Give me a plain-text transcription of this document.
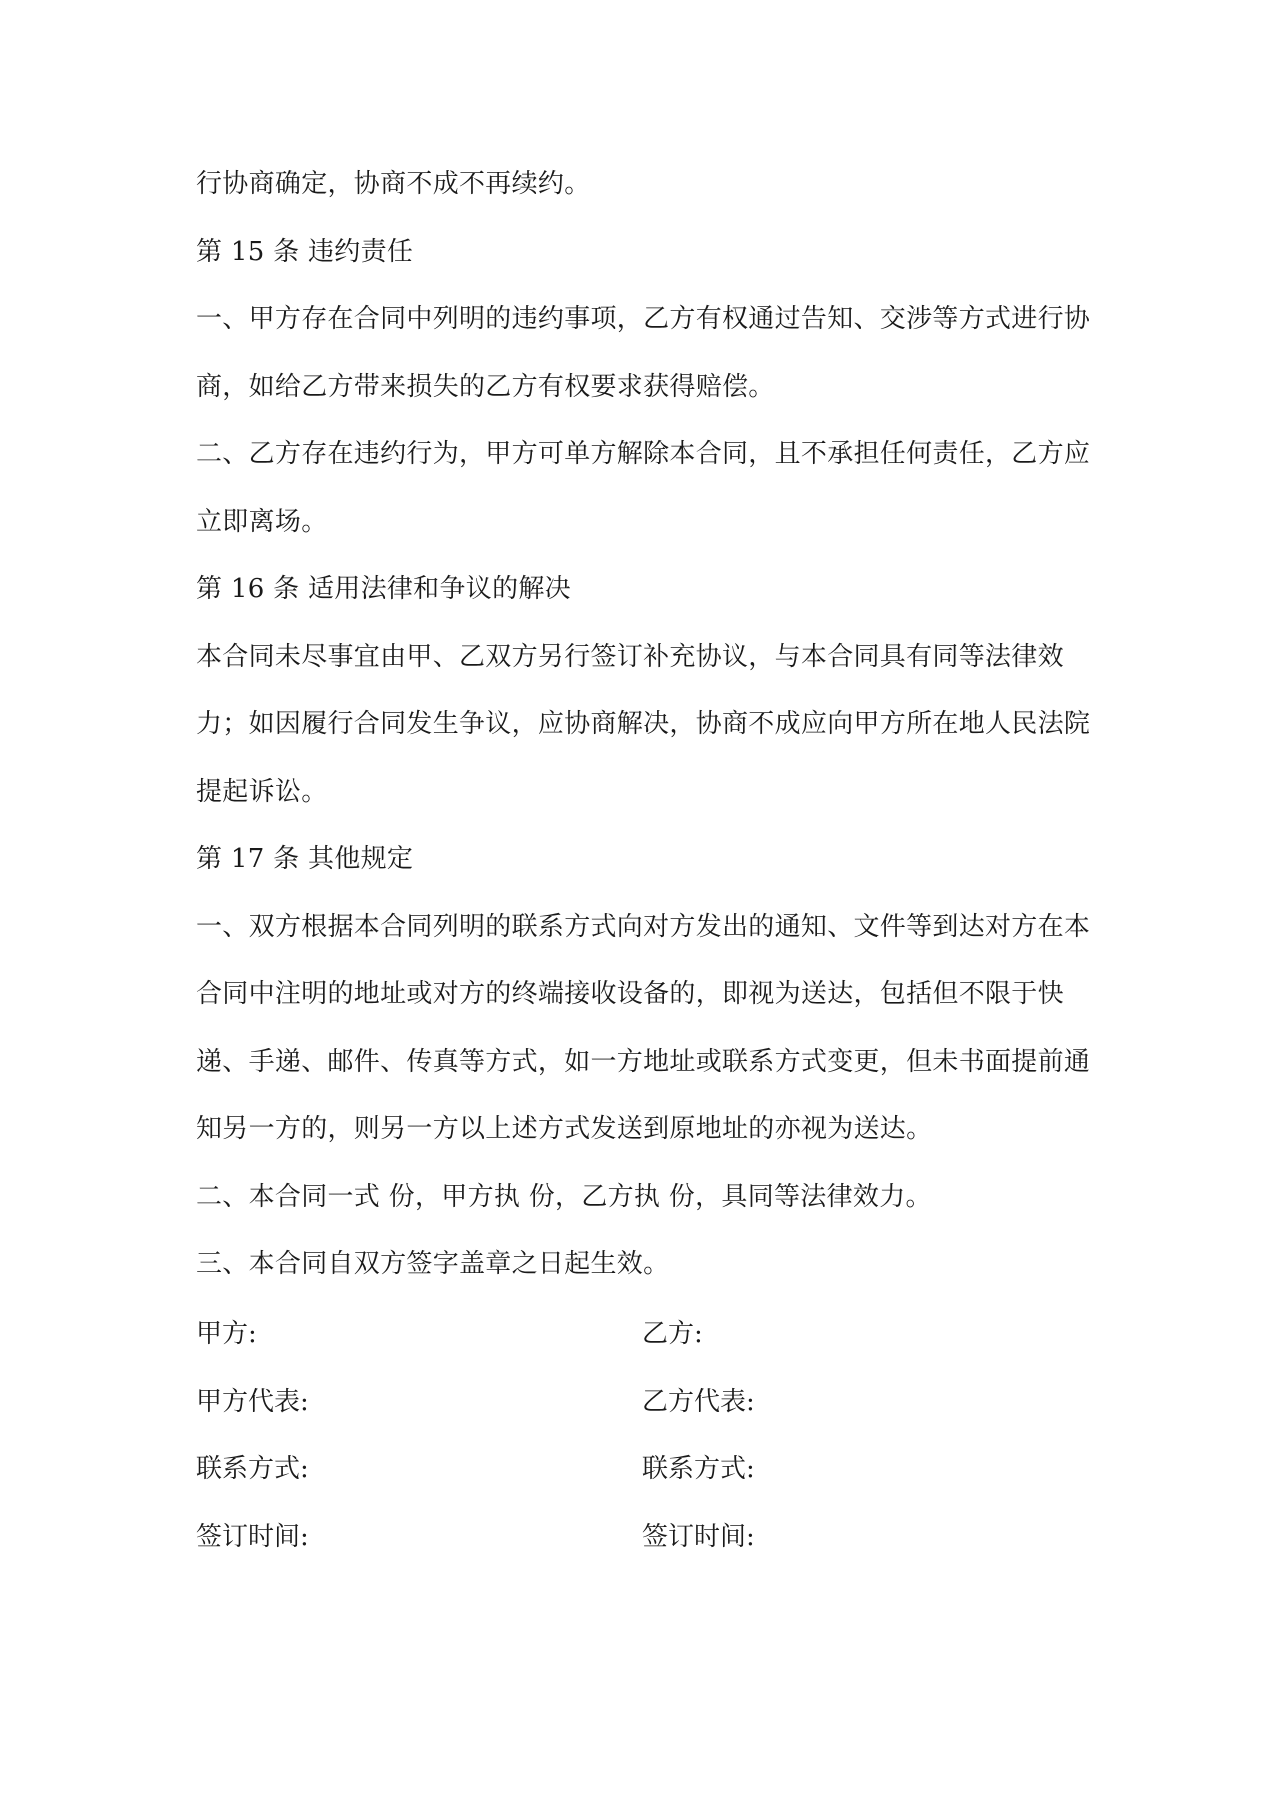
行协商确定，协商不成不再续约。
第 15 条 违约责任
一、甲方存在合同中列明的违约事项，乙方有权通过告知、交涉等方式进行协
商，如给乙方带来损失的乙方有权要求获得赔偿。
二、乙方存在违约行为，甲方可单方解除本合同，且不承担任何责任，乙方应
立即离场。
第 16 条 适用法律和争议的解决
本合同未尽事宜由甲、乙双方另行签订补充协议，与本合同具有同等法律效
力；如因履行合同发生争议，应协商解决，协商不成应向甲方所在地人民法院
提起诉讼。
第 17 条 其他规定
一、双方根据本合同列明的联系方式向对方发出的通知、文件等到达对方在本
合同中注明的地址或对方的终端接收设备的，即视为送达，包括但不限于快
递、手递、邮件、传真等方式，如一方地址或联系方式变更，但未书面提前通
知另一方的，则另一方以上述方式发送到原地址的亦视为送达。
二、本合同一式 份，甲方执 份，乙方执 份，具同等法律效力。
三、本合同自双方签字盖章之日起生效。
甲方:	乙方:
甲方代表:	乙方代表:
联系方式:	联系方式:
签订时间:	签订时间:
